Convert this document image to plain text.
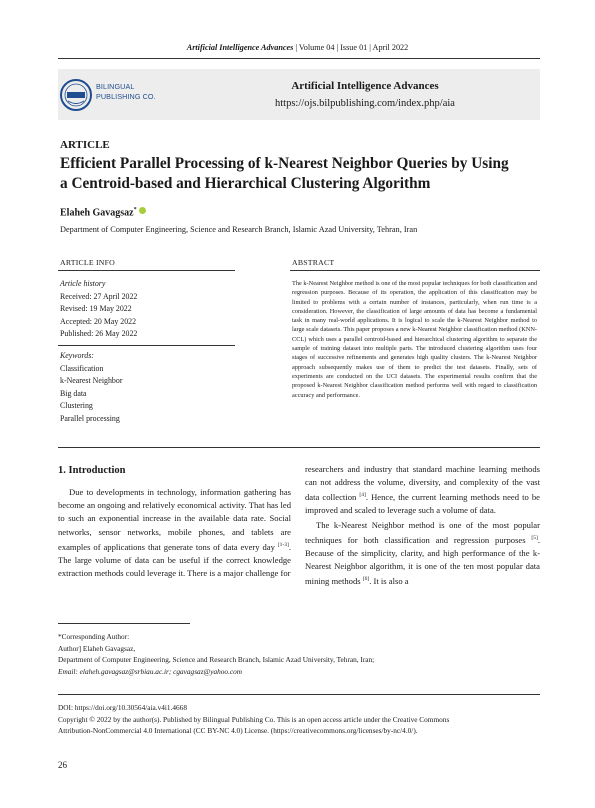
Artificial Intelligence Advances | Volume 04 | Issue 01 | April 2022
BILINGUAL
PUBLISHING CO.
Artificial Intelligence Advances
https://ojs.bilpublishing.com/index.php/aia
ARTICLE
Efficient Parallel Processing of k-Nearest Neighbor Queries by Using
a Centroid-based and Hierarchical Clustering Algorithm
Elaheh Gavagsaz*
Department of Computer Engineering, Science and Research Branch, Islamic Azad University, Tehran, Iran
ARTICLE INFO
Article history
Received: 27 April 2022
Revised: 19 May 2022
Accepted: 20 May 2022
Published: 26 May 2022
Keywords:
Classification
k-Nearest Neighbor
Big data
Clustering
Parallel processing
ABSTRACT
The k-Nearest Neighbor method is one of the most popular techniques for both classification and regression purposes. Because of its operation, the application of this classification may be limited to problems with a certain number of instances, particularly, when run time is a consideration. However, the classification of large amounts of data has become a fundamental task in many real-world applications. It is logical to scale the k-Nearest Neighbor method to large scale datasets. This paper proposes a new k-Nearest Neighbor classification method (KNN-CCL) which uses a parallel centroid-based and hierarchical clustering algorithm to separate the sample of training dataset into multiple parts. The introduced clustering algorithm uses four stages of successive refinements and generates high quality clusters. The k-Nearest Neighbor approach subsequently makes use of them to predict the test datasets. Finally, sets of experiments are conducted on the UCI datasets. The experimental results confirm that the proposed k-Nearest Neighbor classification method performs well with regard to classification accuracy and performance.
1. Introduction

Due to developments in technology, information gathering has become an ongoing and relatively economical activity. That has led to such an exponential increase in the available data rate. Social networks, sensor networks, mobile phones, and tablets are examples of applications that generate tons of data every day [1-3]. The large volume of data can be useful if the correct knowledge extraction methods could leverage it. There is a major challenge for

researchers and industry that standard machine learning methods can not address the volume, diversity, and complexity of the vast data collection [4]. Hence, the current learning methods need to be improved and scaled to leverage such a volume of data.

The k-Nearest Neighbor method is one of the most popular techniques for both classification and regression purposes [5]. Because of the simplicity, clarity, and high performance of the k-Nearest Neighbor algorithm, it is one of the ten most popular data mining methods [6]. It is also a

*Corresponding Author:
Author] Elaheh Gavagsaz,
Department of Computer Engineering, Science and Research Branch, Islamic Azad University, Tehran, Iran;
Email: elaheh.gavagsaz@srbiau.ac.ir; cgavagsaz@yahoo.com
DOI: https://doi.org/10.30564/aia.v4i1.4668
Copyright © 2022 by the author(s). Published by Bilingual Publishing Co. This is an open access article under the Creative Commons
Attribution-NonCommercial 4.0 International (CC BY-NC 4.0) License. (https://creativecommons.org/licenses/by-nc/4.0/).
26
